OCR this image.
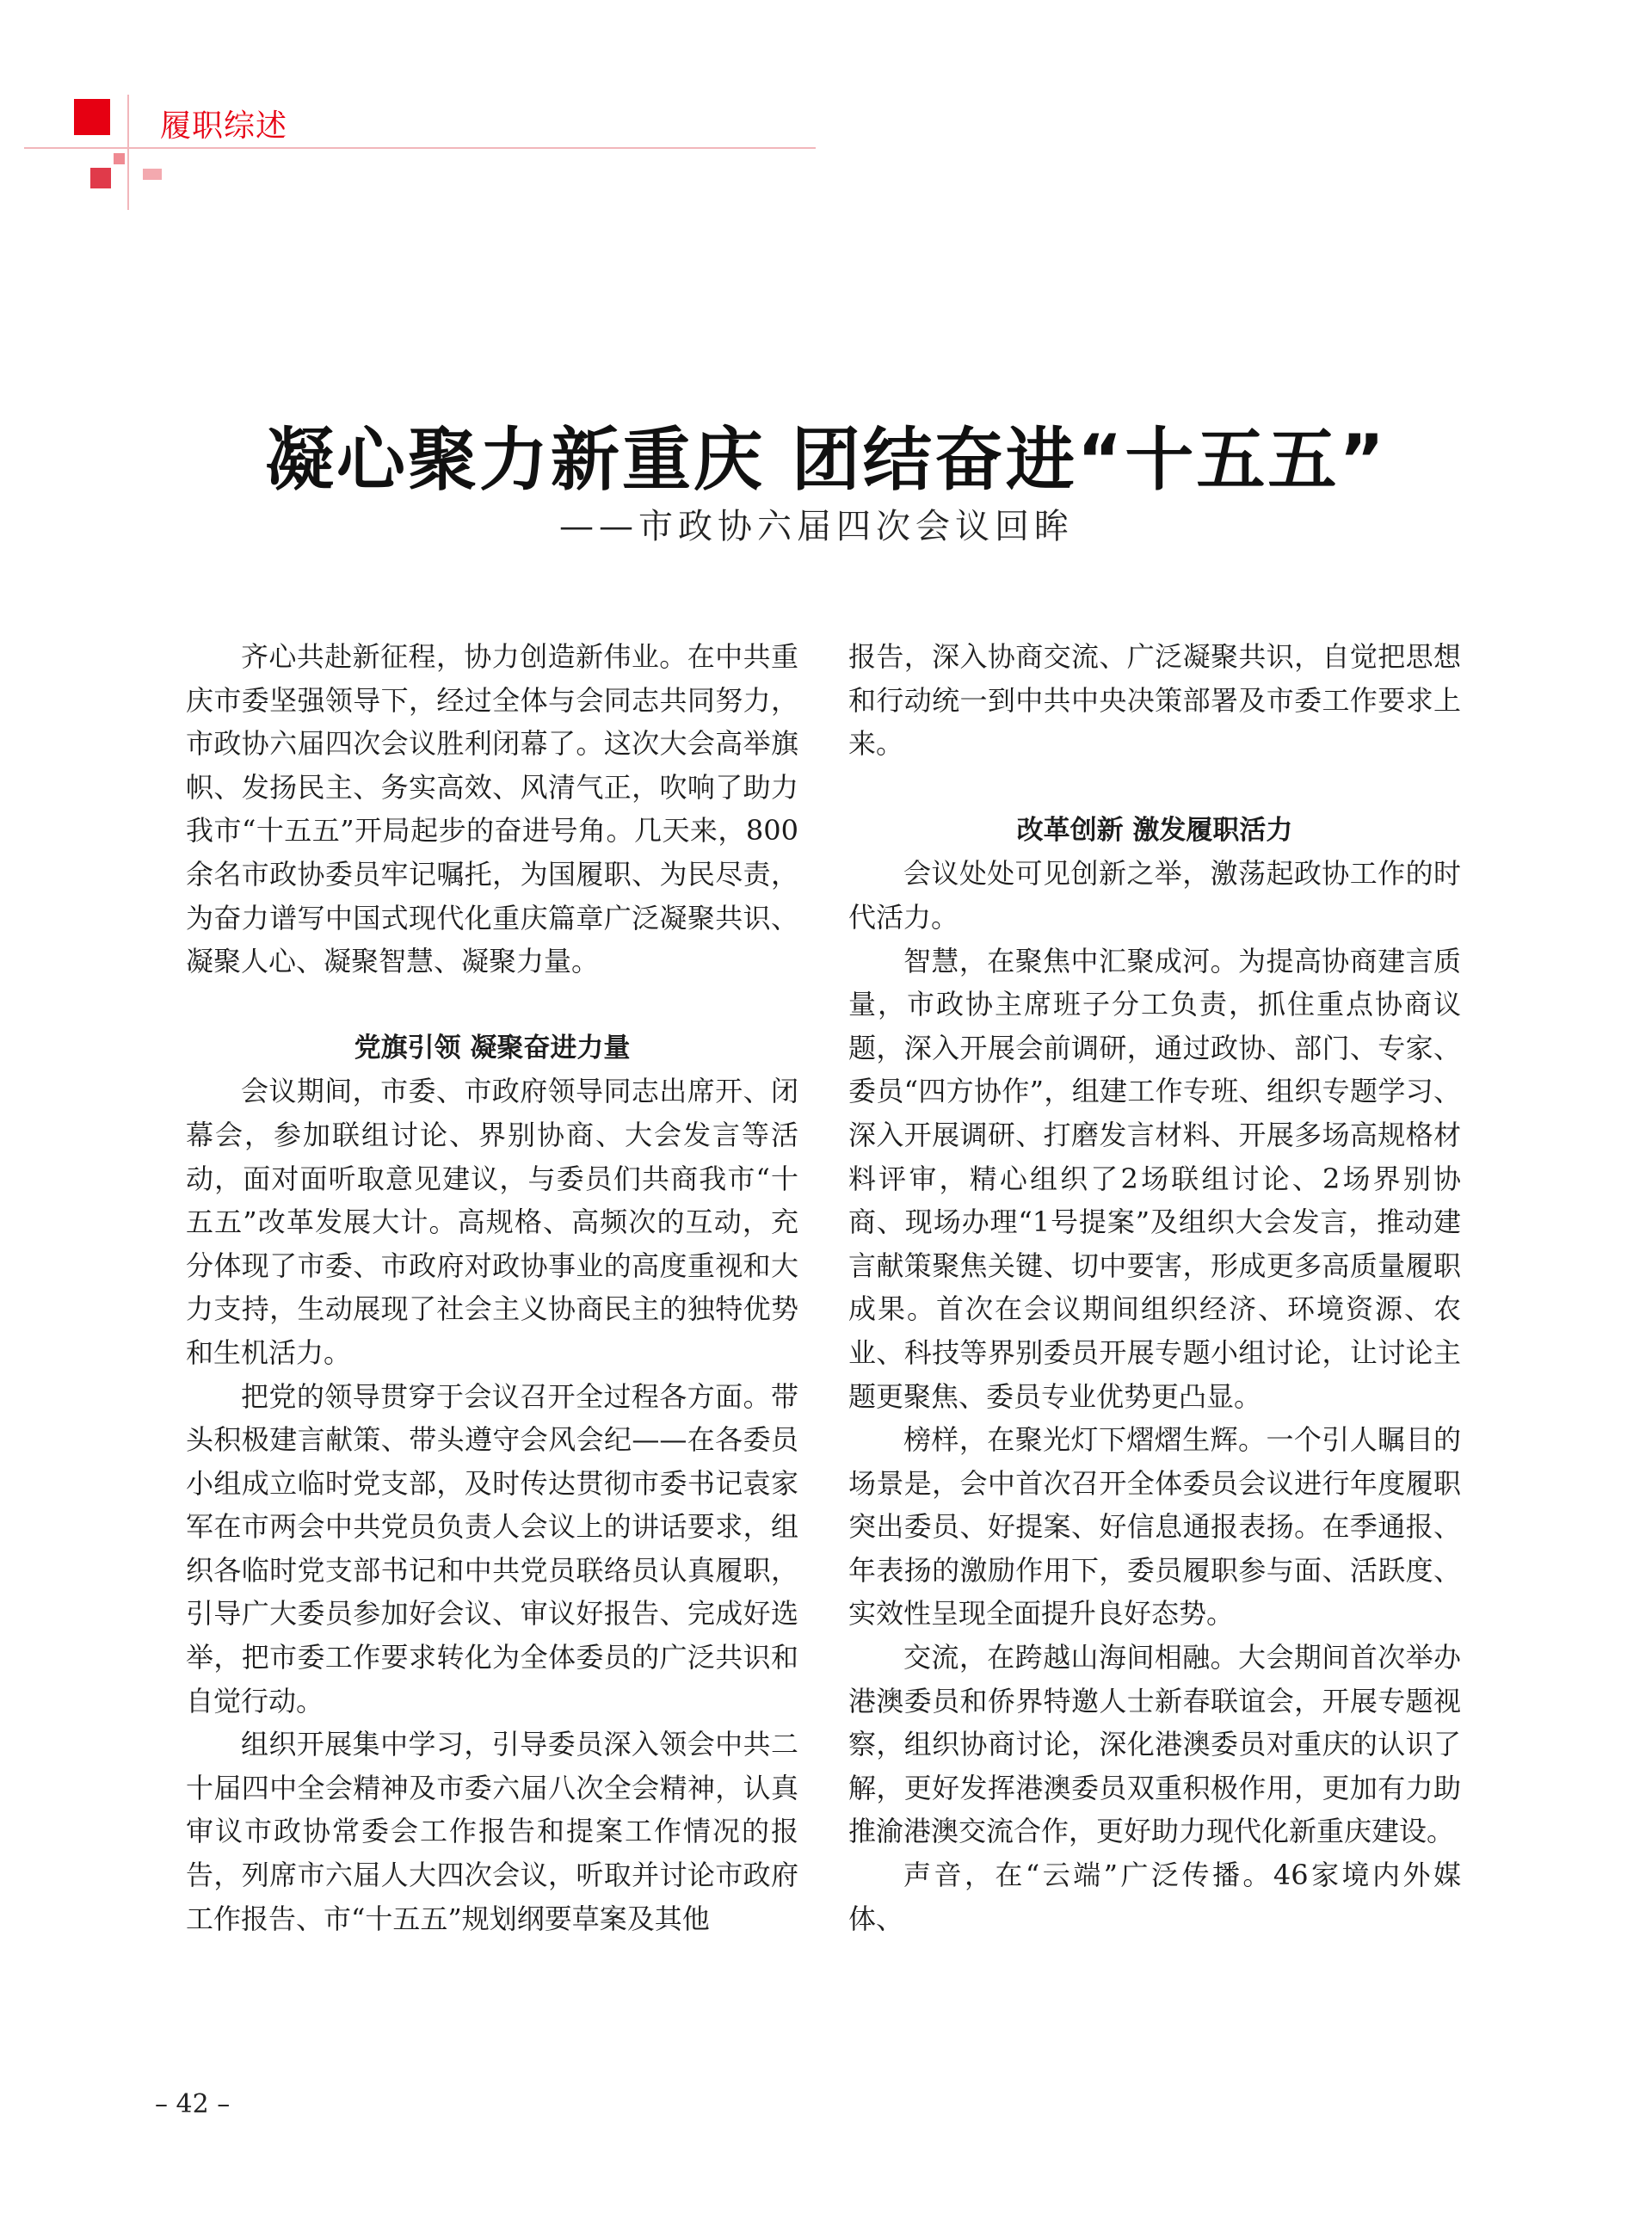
履职综述
凝心聚力新重庆 团结奋进“十五五”
——市政协六届四次会议回眸

齐心共赴新征程，协力创造新伟业。在中共重庆市委坚强领导下，经过全体与会同志共同努力，市政协六届四次会议胜利闭幕了。这次大会高举旗帜、发扬民主、务实高效、风清气正，吹响了助力我市“十五五”开局起步的奋进号角。几天来，800余名市政协委员牢记嘱托，为国履职、为民尽责，为奋力谱写中国式现代化重庆篇章广泛凝聚共识、凝聚人心、凝聚智慧、凝聚力量。

党旗引领 凝聚奋进力量

会议期间，市委、市政府领导同志出席开、闭幕会，参加联组讨论、界别协商、大会发言等活动，面对面听取意见建议，与委员们共商我市“十五五”改革发展大计。高规格、高频次的互动，充分体现了市委、市政府对政协事业的高度重视和大力支持，生动展现了社会主义协商民主的独特优势和生机活力。

把党的领导贯穿于会议召开全过程各方面。带头积极建言献策、带头遵守会风会纪——在各委员小组成立临时党支部，及时传达贯彻市委书记袁家军在市两会中共党员负责人会议上的讲话要求，组织各临时党支部书记和中共党员联络员认真履职，引导广大委员参加好会议、审议好报告、完成好选举，把市委工作要求转化为全体委员的广泛共识和自觉行动。

组织开展集中学习，引导委员深入领会中共二十届四中全会精神及市委六届八次全会精神，认真审议市政协常委会工作报告和提案工作情况的报告，列席市六届人大四次会议，听取并讨论市政府工作报告、市“十五五”规划纲要草案及其他

报告，深入协商交流、广泛凝聚共识，自觉把思想和行动统一到中共中央决策部署及市委工作要求上来。

改革创新 激发履职活力

会议处处可见创新之举，激荡起政协工作的时代活力。

智慧，在聚焦中汇聚成河。为提高协商建言质量，市政协主席班子分工负责，抓住重点协商议题，深入开展会前调研，通过政协、部门、专家、委员“四方协作”，组建工作专班、组织专题学习、深入开展调研、打磨发言材料、开展多场高规格材料评审，精心组织了2场联组讨论、2场界别协商、现场办理“1号提案”及组织大会发言，推动建言献策聚焦关键、切中要害，形成更多高质量履职成果。首次在会议期间组织经济、环境资源、农业、科技等界别委员开展专题小组讨论，让讨论主题更聚焦、委员专业优势更凸显。

榜样，在聚光灯下熠熠生辉。一个引人瞩目的场景是，会中首次召开全体委员会议进行年度履职突出委员、好提案、好信息通报表扬。在季通报、年表扬的激励作用下，委员履职参与面、活跃度、实效性呈现全面提升良好态势。

交流，在跨越山海间相融。大会期间首次举办港澳委员和侨界特邀人士新春联谊会，开展专题视察，组织协商讨论，深化港澳委员对重庆的认识了解，更好发挥港澳委员双重积极作用，更加有力助推渝港澳交流合作，更好助力现代化新重庆建设。

声音，在“云端”广泛传播。46家境内外媒体、

– 42 –
